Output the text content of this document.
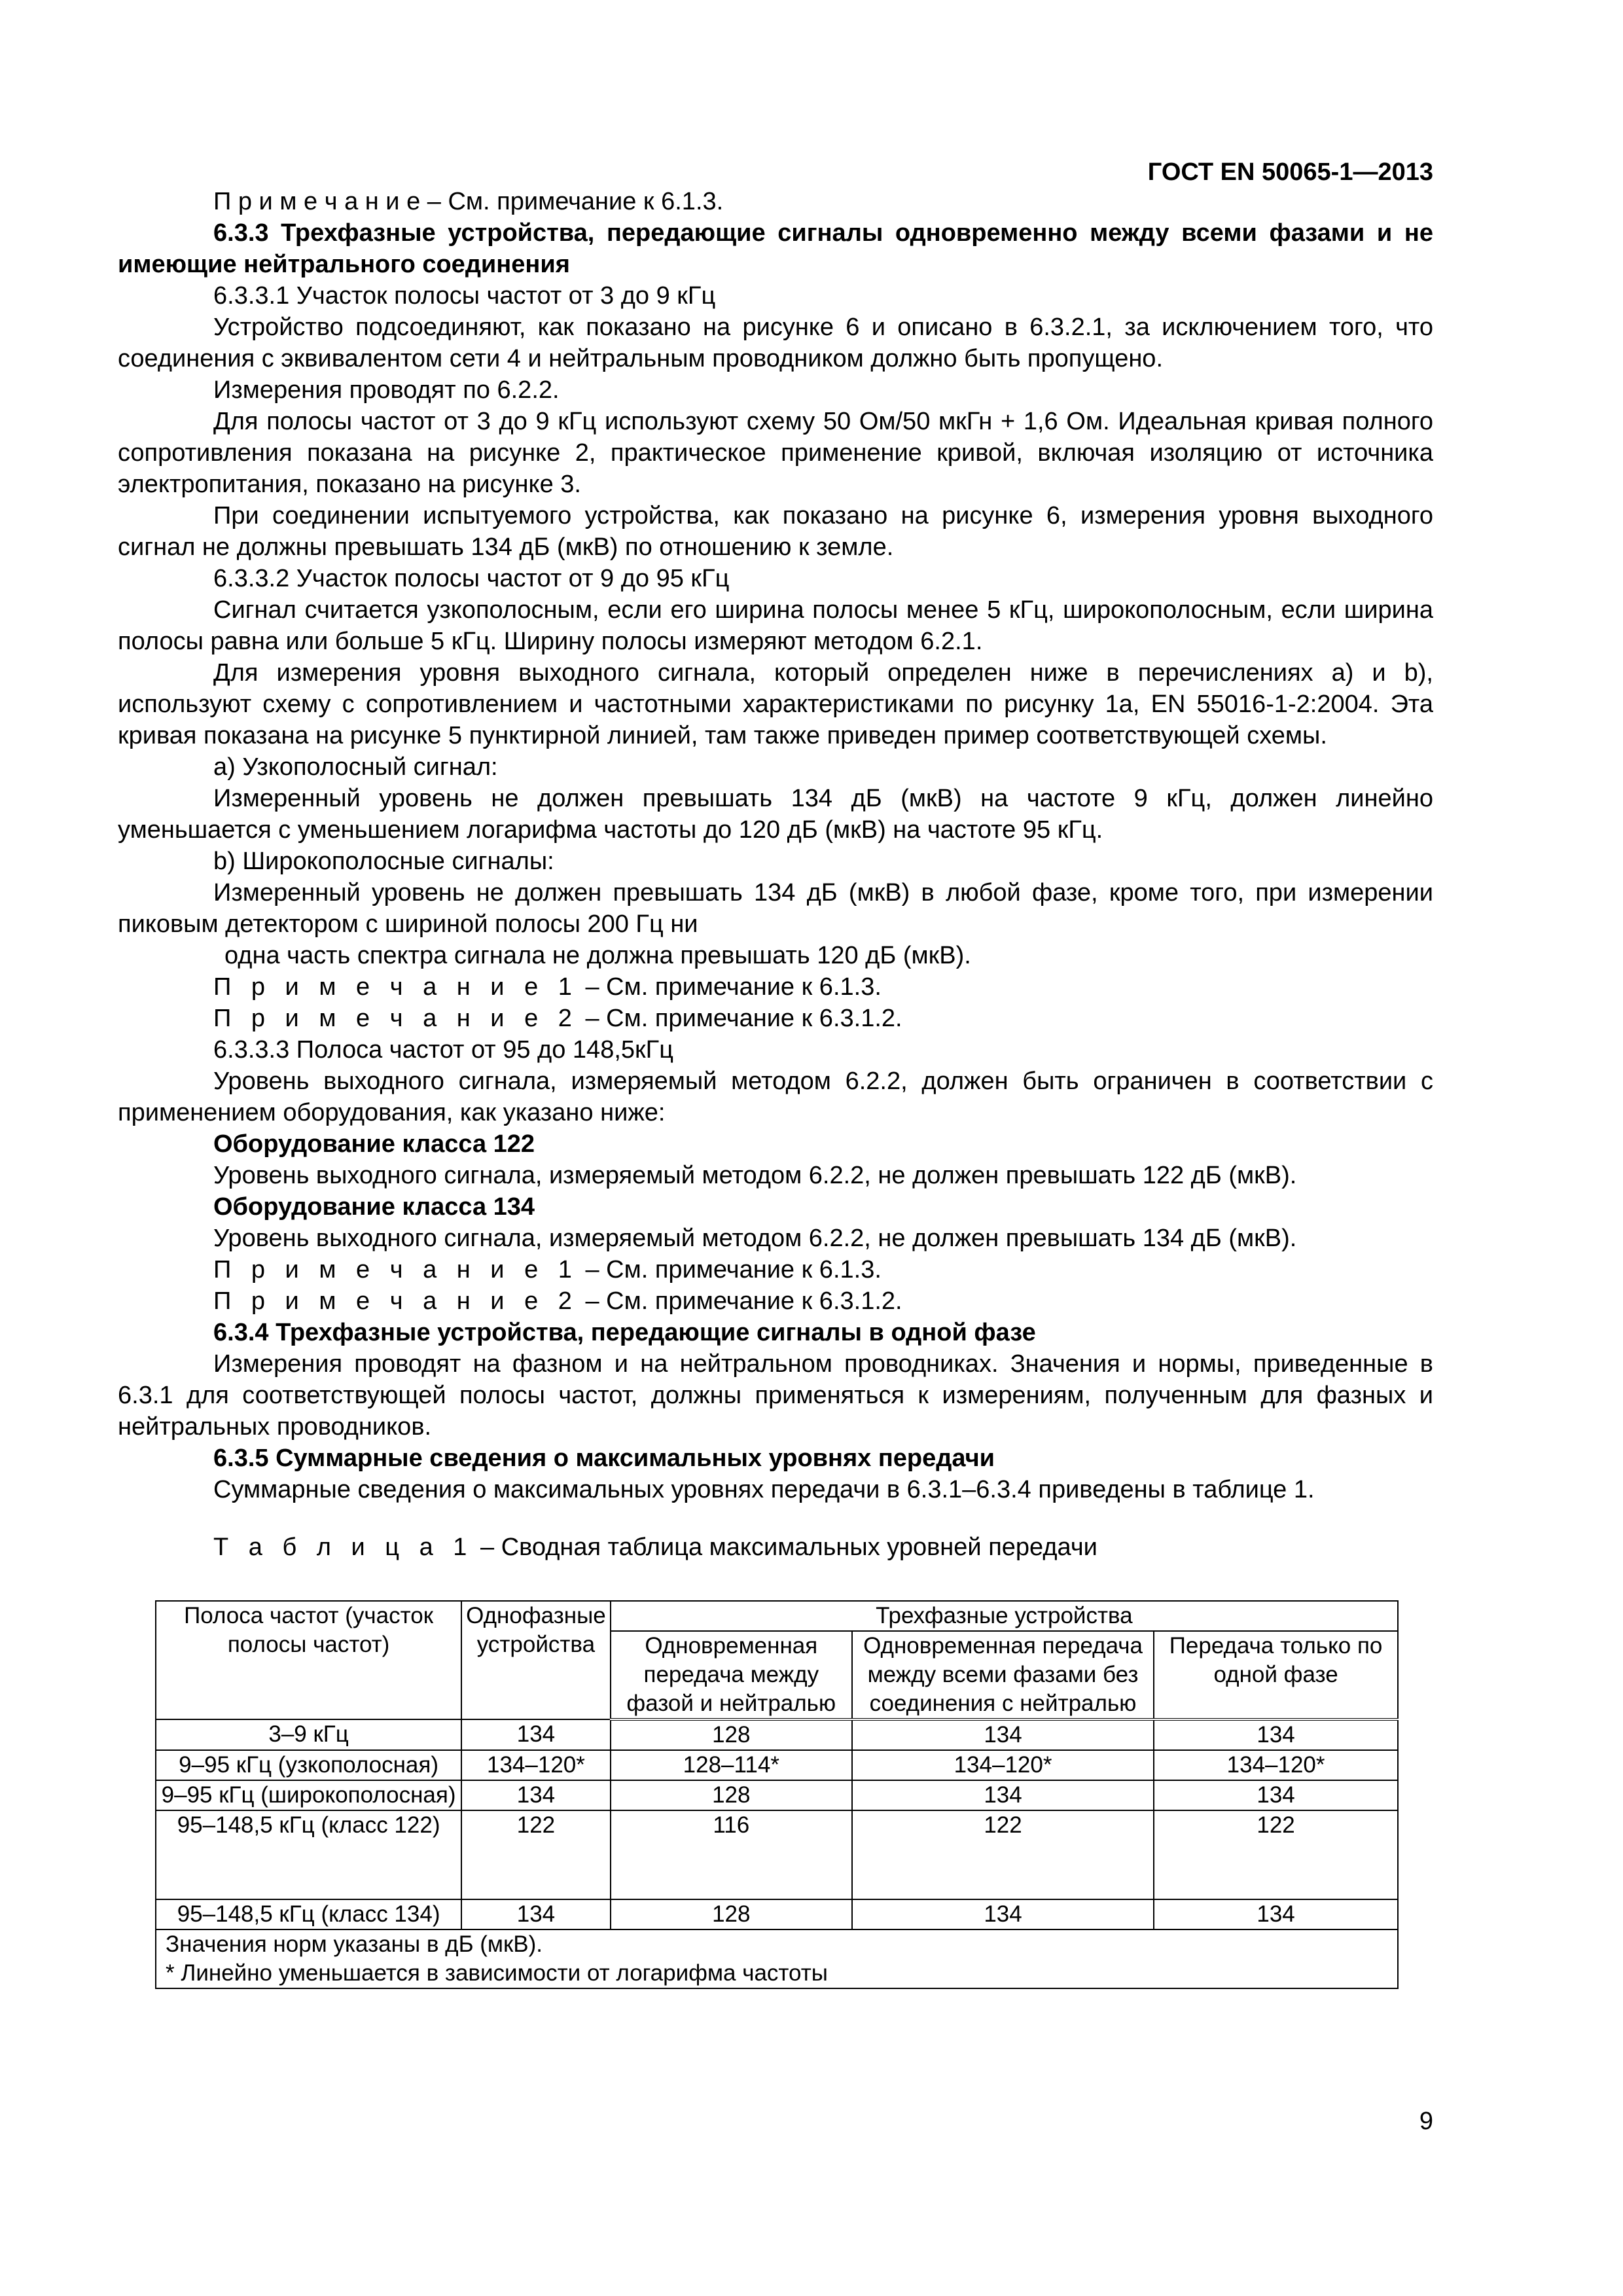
ГОСТ EN 50065-1—2013

П р и м е ч а н и е – См. примечание к 6.1.3.

6.3.3 Трехфазные устройства, передающие сигналы одновременно между всеми фазами и не имеющие нейтрального соединения

6.3.3.1 Участок полосы частот от 3 до 9 кГц

Устройство подсоединяют, как показано на рисунке 6 и описано в 6.3.2.1, за исключением того, что соединения с эквивалентом сети 4 и нейтральным проводником должно быть пропущено.

Измерения проводят по 6.2.2.

Для полосы частот от 3 до 9 кГц используют схему 50 Ом/50 мкГн + 1,6 Ом. Идеальная кривая полного сопротивления показана на рисунке 2, практическое применение кривой, включая изоляцию от источника электропитания, показано на рисунке 3.

При соединении испытуемого устройства, как показано на рисунке 6, измерения уровня выходного сигнал не должны превышать 134 дБ (мкВ) по отношению к земле.

6.3.3.2 Участок полосы частот от 9 до 95 кГц

Сигнал считается узкополосным, если его ширина полосы менее 5 кГц, широкополосным, если ширина полосы равна или больше 5 кГц. Ширину полосы измеряют методом 6.2.1.

Для измерения уровня выходного сигнала, который определен ниже в перечислениях a) и b), используют схему с сопротивлением и частотными характеристиками по рисунку 1а, EN 55016-1-2:2004. Эта кривая показана на рисунке 5 пунктирной линией, там также приведен пример соответствующей схемы.

a) Узкополосный сигнал:

Измеренный уровень не должен превышать 134 дБ (мкВ) на частоте 9 кГц, должен линейно уменьшается с уменьшением логарифма частоты до 120 дБ (мкВ) на частоте 95 кГц.

b) Широкополосные сигналы:

Измеренный уровень не должен превышать 134 дБ (мкВ) в любой фазе, кроме того, при измерении пиковым детектором с шириной полосы 200 Гц ни

одна часть спектра сигнала не должна превышать 120 дБ (мкВ).

П р и м е ч а н и е 1 – См. примечание к 6.1.3.

П р и м е ч а н и е 2 – См. примечание к 6.3.1.2.

6.3.3.3 Полоса частот от 95 до 148,5кГц

Уровень выходного сигнала, измеряемый методом 6.2.2, должен быть ограничен в соответствии с применением оборудования, как указано ниже:

Оборудование класса 122

Уровень выходного сигнала, измеряемый методом 6.2.2, не должен превышать 122 дБ (мкВ).

Оборудование класса 134

Уровень выходного сигнала, измеряемый методом 6.2.2, не должен превышать 134 дБ (мкВ).

П р и м е ч а н и е 1 – См. примечание к 6.1.3.

П р и м е ч а н и е 2 – См. примечание к 6.3.1.2.

6.3.4 Трехфазные устройства, передающие сигналы в одной фазе

Измерения проводят на фазном и на нейтральном проводниках. Значения и нормы, приведенные в 6.3.1 для соответствующей полосы частот, должны применяться к измерениям, полученным для фазных и нейтральных проводников.

6.3.5 Суммарные сведения о максимальных уровнях передачи

Суммарные сведения о максимальных уровнях передачи в 6.3.1–6.3.4 приведены в таблице 1.

Т а б л и ц а 1 – Сводная таблица максимальных уровней передачи
Полоса частот (участок полосы частот)	Однофазные устройства	Трехфазные устройства		
		Одновременная передача между фазой и нейтралью	Одновременная передача между всеми фазами без соединения с нейтралью	Передача только по одной фазе
3–9 кГц	134	128	134	134
9–95 кГц (узкополосная)	134–120*	128–114*	134–120*	134–120*
9–95 кГц (широкополосная)	134	128	134	134
95–148,5 кГц (класс 122)	122	116	122	122
95–148,5 кГц (класс 134)	134	128	134	134

Значения норм указаны в дБ (мкВ).
* Линейно уменьшается в зависимости от логарифма частоты				
9
